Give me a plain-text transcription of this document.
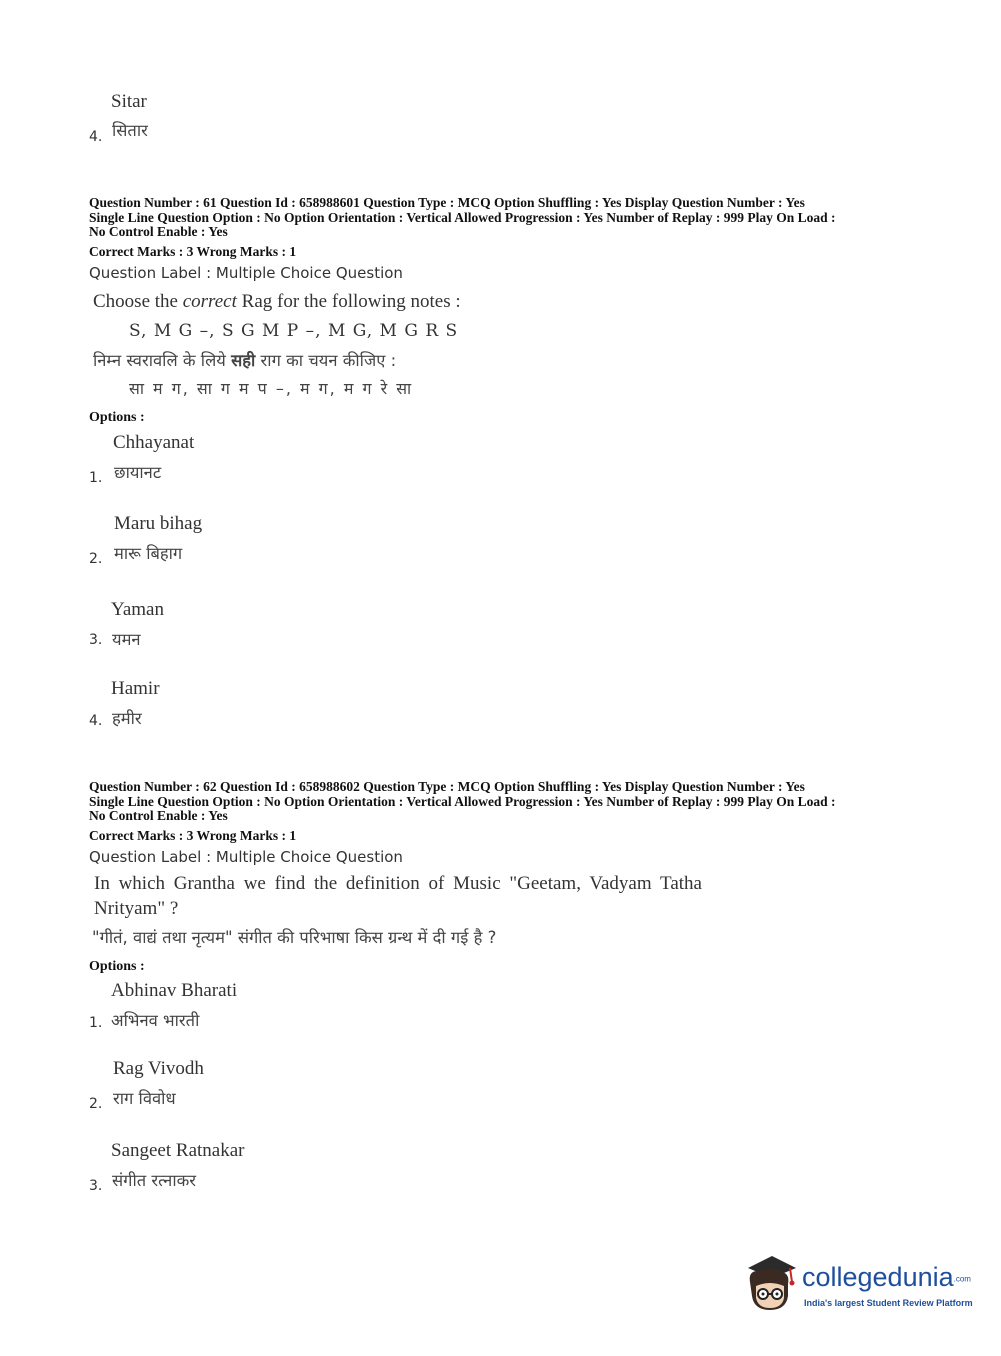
Sitar
सितार
4.
Question Number : 61 Question Id : 658988601 Question Type : MCQ Option Shuffling : Yes Display Question Number : Yes
Single Line Question Option : No Option Orientation : Vertical Allowed Progression : Yes Number of Replay : 999 Play On Load :
No Control Enable : Yes
Correct Marks : 3 Wrong Marks : 1
Question Label : Multiple Choice Question
Choose the correct Rag for the following notes :
S, M G –, S G M P –, M G, M G R S
निम्न स्वरावलि के लिये सही राग का चयन कीजिए :
सा म ग, सा ग म प –, म ग, म ग रे सा
Options :
Chhayanat
छायानट
1.
Maru bihag
मारू बिहाग
2.
Yaman
यमन
3.
Hamir
हमीर
4.
Question Number : 62 Question Id : 658988602 Question Type : MCQ Option Shuffling : Yes Display Question Number : Yes
Single Line Question Option : No Option Orientation : Vertical Allowed Progression : Yes Number of Replay : 999 Play On Load :
No Control Enable : Yes
Correct Marks : 3 Wrong Marks : 1
Question Label : Multiple Choice Question
In which Grantha we find the definition of Music "Geetam, Vadyam Tatha
Nrityam" ?
"गीतं, वाद्यं तथा नृत्यम" संगीत की परिभाषा किस ग्रन्थ में दी गई है ?
Options :
Abhinav Bharati
अभिनव भारती
1.
Rag Vivodh
राग विवोध
2.
Sangeet Ratnakar
संगीत रत्नाकर
3.
collegedunia.com
India's largest Student Review Platform
